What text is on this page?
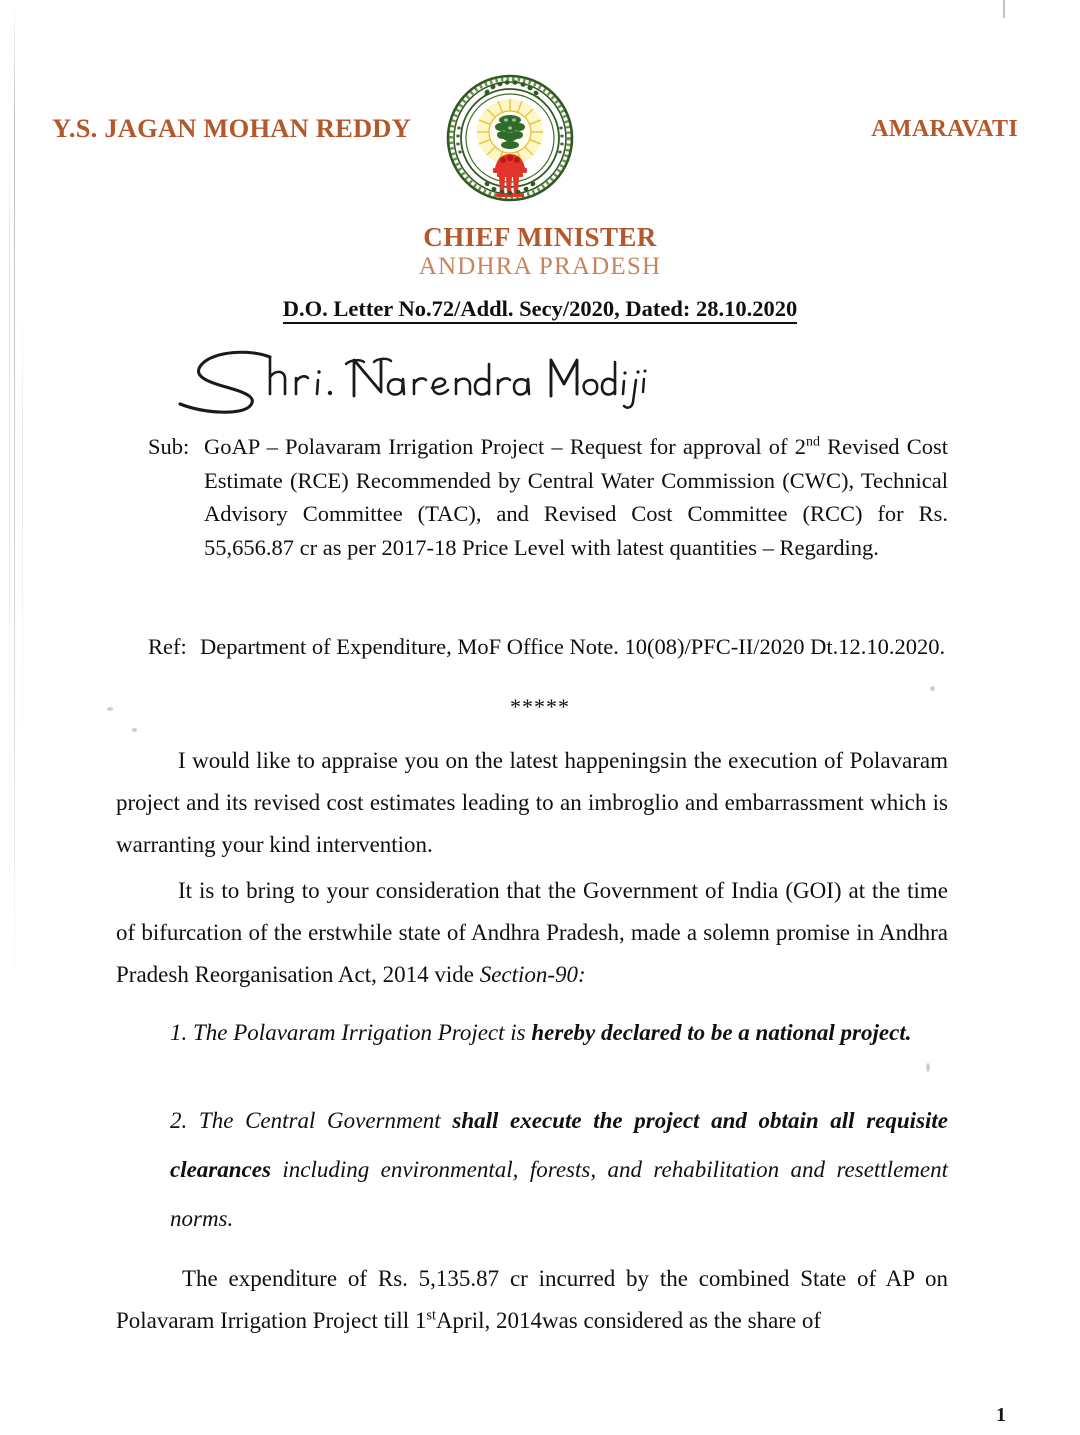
Y.S. JAGAN MOHAN REDDY	AMARAVATI
CHIEF MINISTER
ANDHRA PRADESH
D.O. Letter No.72/Addl. Secy/2020, Dated: 28.10.2020
Sub: GoAP – Polavaram Irrigation Project – Request for approval of 2nd Revised Cost Estimate (RCE) Recommended by Central Water Commission (CWC), Technical Advisory Committee (TAC), and Revised Cost Committee (RCC) for Rs. 55,656.87 cr as per 2017-18 Price Level with latest quantities – Regarding.
Ref: Department of Expenditure, MoF Office Note. 10(08)/PFC-II/2020 Dt.12.10.2020.
*****
I would like to appraise you on the latest happeningsin the execution of Polavaram project and its revised cost estimates leading to an imbroglio and embarrassment which is warranting your kind intervention.
It is to bring to your consideration that the Government of India (GOI) at the time of bifurcation of the erstwhile state of Andhra Pradesh, made a solemn promise in Andhra Pradesh Reorganisation Act, 2014 vide Section-90:
1. The Polavaram Irrigation Project is hereby declared to be a national project.
2. The Central Government shall execute the project and obtain all requisite clearances including environmental, forests, and rehabilitation and resettlement norms.
The expenditure of Rs. 5,135.87 cr incurred by the combined State of AP on Polavaram Irrigation Project till 1stApril, 2014was considered as the share of
1
